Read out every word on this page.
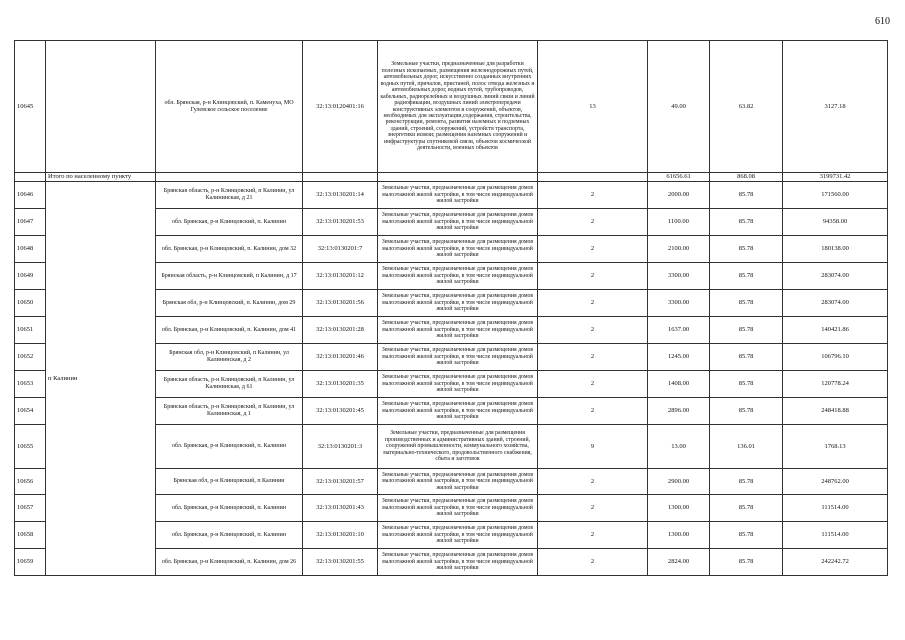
610
10645		обл. Брянская, р-н Клинцовский, п. Каменуха, МО Гулевское сельское поселение	32:13:0120401:16	Земельные участки, предназначенные для разработки полезных ископаемых, размещения железнодорожных путей, автомобильных дорог, искусственно созданных внутренних водных путей, причалов, пристаней, полос отвода железных и автомобильных дорог, водных путей, трубопроводов, кабельных, радиорелейных и воздушных линий связи и линий радиофикации, воздушных линий электропередачи конструктивных элементов и сооружений, объектов, необходимых для эксплуатации,содержания, строительства, реконструкции, ремонта, развития наземных и подземных зданий, строений, сооружений, устройств транспорта, энергетики исвязи; размещения наземных сооружений и инфраструктуры спутниковой связи, объектов космической деятельности, военных объектов	13	49.00	63.82	3127.18
	Итого по населенному пункту					61656.61	868.08	3199731.42
10646	п Калинин	Брянская область, р-н Клинцовский, п Калинин, ул Калининская, д 21	32:13:0130201:14	Земельные участки, предназначенные для размещения домов малоэтажной жилой застройки, в том числе индивидуальной жилой застройки	2	2000.00	85.78	171560.00
10647		обл. Брянская, р-н Клинцовский, п. Калинин	32:13:0130201:53	Земельные участки, предназначенные для размещения домов малоэтажной жилой застройки, в том числе индивидуальной жилой застройки	2	1100.00	85.78	94358.00
10648		обл. Брянская, р-н Клинцовский, п. Калинин, дом 32	32:13:0130201:7	Земельные участки, предназначенные для размещения домов малоэтажной жилой застройки, в том числе индивидуальной жилой застройки	2	2100.00	85.78	180138.00
10649		Брянская область, р-н Клинцовский, п Калинин, д 17	32:13:0130201:12	Земельные участки, предназначенные для размещения домов малоэтажной жилой застройки, в том числе индивидуальной жилой застройки	2	3300.00	85.78	283074.00
10650		Брянская обл, р-н Клинцовский, п. Калинин, дом 29	32:13:0130201:56	Земельные участки, предназначенные для размещения домов малоэтажной жилой застройки, в том числе индивидуальной жилой застройки	2	3300.00	85.78	283074.00
10651		обл. Брянская, р-н Клинцовский, п. Калинин, дом 41	32:13:0130201:28	Земельные участки, предназначенные для размещения домов малоэтажной жилой застройки, в том числе индивидуальной жилой застройки	2	1637.00	85.78	140421.86
10652		Брянская обл, р-н Клинцовский, п Калинин, ул Калининская, д 2	32:13:0130201:46	Земельные участки, предназначенные для размещения домов малоэтажной жилой застройки, в том числе индивидуальной жилой застройки	2	1245.00	85.78	106796.10
10653		Брянская область, р-н Клинцовский, п Калинин, ул Калининская, д 61	32:13:0130201:35	Земельные участки, предназначенные для размещения домов малоэтажной жилой застройки, в том числе индивидуальной жилой застройки	2	1408.00	85.78	120778.24
10654		Брянская область, р-н Клинцовский, п Калинин, ул Калининская, д 1	32:13:0130201:45	Земельные участки, предназначенные для размещения домов малоэтажной жилой застройки, в том числе индивидуальной жилой застройки	2	2896.00	85.78	248418.88
10655		обл. Брянская, р-н Клинцовский, п. Калинин	32:13:0130201:3	Земельные участки, предназначенные для размещения производственных и административных зданий, строений, сооружений промышленности, коммунального хозяйства, материально-технического, продовольственного снабжения, сбыта и заготовок	9	13.00	136.01	1768.13
10656		Брянская обл, р-н Клинцовский, п Калинин	32:13:0130201:57	Земельные участки, предназначенные для размещения домов малоэтажной жилой застройки, в том числе индивидуальной жилой застройки	2	2900.00	85.78	248762.00
10657		обл. Брянская, р-н Клинцовский, п. Калинин	32:13:0130201:43	Земельные участки, предназначенные для размещения домов малоэтажной жилой застройки, в том числе индивидуальной жилой застройки	2	1300.00	85.78	111514.00
10658		обл. Брянская, р-н Клинцовский, п. Калинин	32:13:0130201:10	Земельные участки, предназначенные для размещения домов малоэтажной жилой застройки, в том числе индивидуальной жилой застройки	2	1300.00	85.78	111514.00
10659		обл. Брянская, р-н Клинцовский, п. Калинин, дом 26	32:13:0130201:55	Земельные участки, предназначенные для размещения домов малоэтажной жилой застройки, в том числе индивидуальной жилой застройки	2	2824.00	85.78	242242.72
